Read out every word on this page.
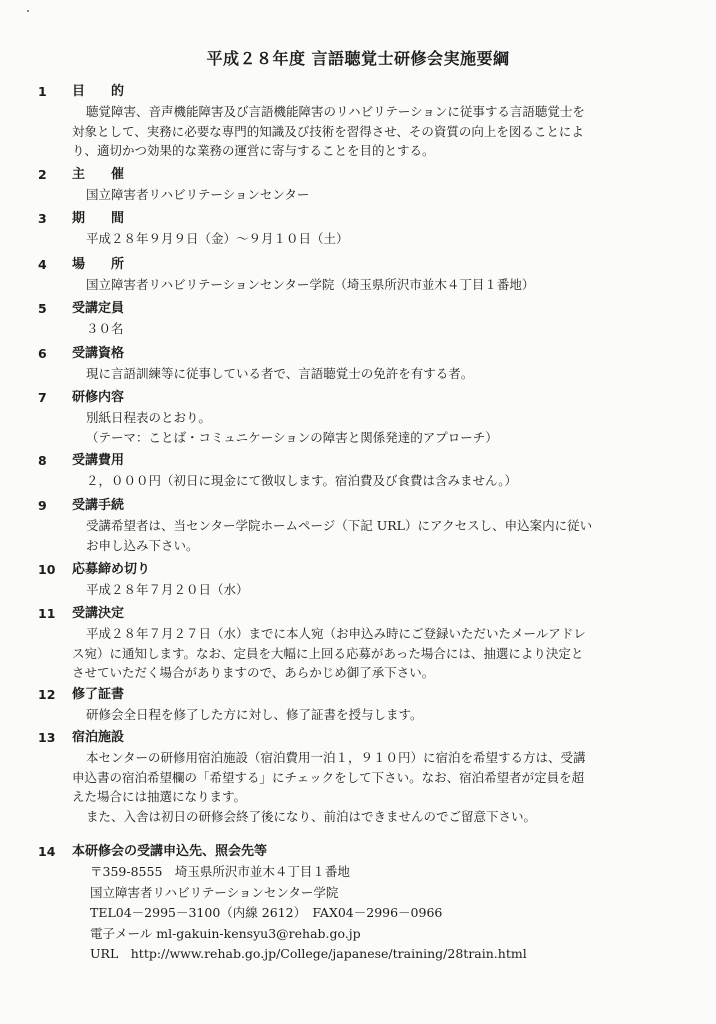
平成２８年度 言語聴覚士研修会実施要綱
1	目　　的

聴覚障害、音声機能障害及び言語機能障害のリハビリテーションに従事する言語聴覚士を

対象として、実務に必要な専門的知識及び技術を習得させ、その資質の向上を図ることによ

り、適切かつ効果的な業務の運営に寄与することを目的とする。

2	主　　催

国立障害者リハビリテーションセンター

3	期　　間

平成２８年９月９日（金）～９月１０日（土）

4	場　　所

国立障害者リハビリテーションセンター学院（埼玉県所沢市並木４丁目１番地）

5	受講定員

３０名

6	受講資格

現に言語訓練等に従事している者で、言語聴覚士の免許を有する者。

7	研修内容

別紙日程表のとおり。

（テーマ：ことば・コミュニケーションの障害と関係発達的アプローチ）

8	受講費用

２，０００円（初日に現金にて徴収します。宿泊費及び食費は含みません。）

9	受講手続

受講希望者は、当センター学院ホームページ（下記 URL）にアクセスし、申込案内に従い

お申し込み下さい。

10	応募締め切り

平成２８年７月２０日（水）

11	受講決定

平成２８年７月２７日（水）までに本人宛（お申込み時にご登録いただいたメールアドレ

ス宛）に通知します。なお、定員を大幅に上回る応募があった場合には、抽選により決定と

させていただく場合がありますので、あらかじめ御了承下さい。

12	修了証書

研修会全日程を修了した方に対し、修了証書を授与します。

13	宿泊施設

本センターの研修用宿泊施設（宿泊費用一泊１，９１０円）に宿泊を希望する方は、受講

申込書の宿泊希望欄の「希望する」にチェックをして下さい。なお、宿泊希望者が定員を超

えた場合には抽選になります。

また、入舎は初日の研修会終了後になり、前泊はできませんのでご留意下さい。

14	本研修会の受講申込先、照会先等

〒359-8555　埼玉県所沢市並木４丁目１番地

国立障害者リハビリテーションセンター学院

TEL04－2995－3100（内線 2612）　FAX04－2996－0966

電子メール ml-gakuin-kensyu3@rehab.go.jp

URL　http://www.rehab.go.jp/College/japanese/training/28train.html
